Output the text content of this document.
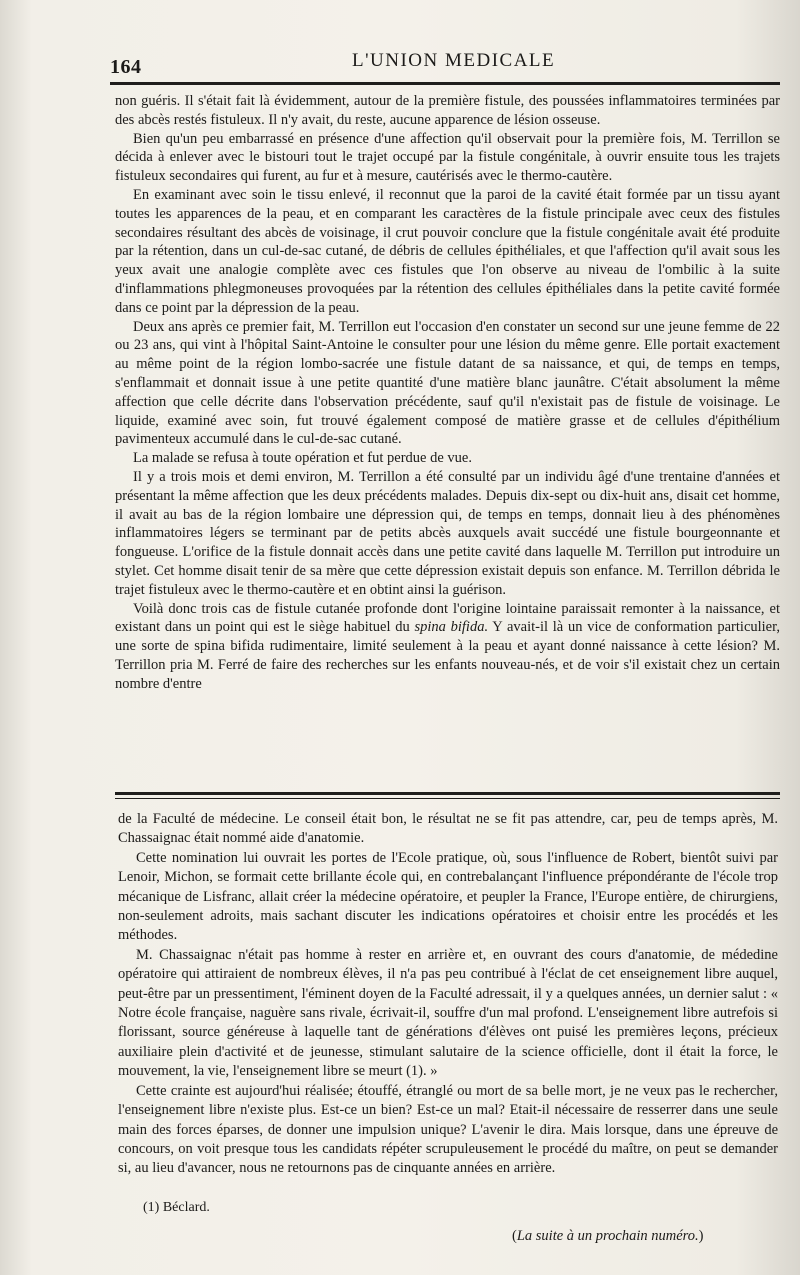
164	L'UNION MEDICALE

non guéris. Il s'était fait là évidemment, autour de la première fistule, des poussées inflammatoires terminées par des abcès restés fistuleux. Il n'y avait, du reste, aucune apparence de lésion osseuse.

Bien qu'un peu embarrassé en présence d'une affection qu'il observait pour la première fois, M. Terrillon se décida à enlever avec le bistouri tout le trajet occupé par la fistule congénitale, à ouvrir ensuite tous les trajets fistuleux secondaires qui furent, au fur et à mesure, cautérisés avec le thermo-cautère.

En examinant avec soin le tissu enlevé, il reconnut que la paroi de la cavité était formée par un tissu ayant toutes les apparences de la peau, et en comparant les caractères de la fistule principale avec ceux des fistules secondaires résultant des abcès de voisinage, il crut pouvoir conclure que la fistule congénitale avait été produite par la rétention, dans un cul-de-sac cutané, de débris de cellules épithéliales, et que l'affection qu'il avait sous les yeux avait une analogie complète avec ces fistules que l'on observe au niveau de l'ombilic à la suite d'inflammations phlegmoneuses provoquées par la rétention des cellules épithéliales dans la petite cavité formée dans ce point par la dépression de la peau.

Deux ans après ce premier fait, M. Terrillon eut l'occasion d'en constater un second sur une jeune femme de 22 ou 23 ans, qui vint à l'hôpital Saint-Antoine le consulter pour une lésion du même genre. Elle portait exactement au même point de la région lombo-sacrée une fistule datant de sa naissance, et qui, de temps en temps, s'enflammait et donnait issue à une petite quantité d'une matière blanc jaunâtre. C'était absolument la même affection que celle décrite dans l'observation précédente, sauf qu'il n'existait pas de fistule de voisinage. Le liquide, examiné avec soin, fut trouvé également composé de matière grasse et de cellules d'épithélium pavimenteux accumulé dans le cul-de-sac cutané.

La malade se refusa à toute opération et fut perdue de vue.

Il y a trois mois et demi environ, M. Terrillon a été consulté par un individu âgé d'une trentaine d'années et présentant la même affection que les deux précédents malades. Depuis dix-sept ou dix-huit ans, disait cet homme, il avait au bas de la région lombaire une dépression qui, de temps en temps, donnait lieu à des phénomènes inflammatoires légers se terminant par de petits abcès auxquels avait succédé une fistule bourgeonnante et fongueuse. L'orifice de la fistule donnait accès dans une petite cavité dans laquelle M. Terrillon put introduire un stylet. Cet homme disait tenir de sa mère que cette dépression existait depuis son enfance. M. Terrillon débrida le trajet fistuleux avec le thermo-cautère et en obtint ainsi la guérison.

Voilà donc trois cas de fistule cutanée profonde dont l'origine lointaine paraissait remonter à la naissance, et existant dans un point qui est le siège habituel du spina bifida. Y avait-il là un vice de conformation particulier, une sorte de spina bifida rudimentaire, limité seulement à la peau et ayant donné naissance à cette lésion? M. Terrillon pria M. Ferré de faire des recherches sur les enfants nouveau-nés, et de voir s'il existait chez un certain nombre d'entre

de la Faculté de médecine. Le conseil était bon, le résultat ne se fit pas attendre, car, peu de temps après, M. Chassaignac était nommé aide d'anatomie.

Cette nomination lui ouvrait les portes de l'Ecole pratique, où, sous l'influence de Robert, bientôt suivi par Lenoir, Michon, se formait cette brillante école qui, en contrebalançant l'influence prépondérante de l'école trop mécanique de Lisfranc, allait créer la médecine opératoire, et peupler la France, l'Europe entière, de chirurgiens, non-seulement adroits, mais sachant discuter les indications opératoires et choisir entre les procédés et les méthodes.

M. Chassaignac n'était pas homme à rester en arrière et, en ouvrant des cours d'anatomie, de médedine opératoire qui attiraient de nombreux élèves, il n'a pas peu contribué à l'éclat de cet enseignement libre auquel, peut-être par un pressentiment, l'éminent doyen de la Faculté adressait, il y a quelques années, un dernier salut : « Notre école française, naguère sans rivale, écrivait-il, souffre d'un mal profond. L'enseignement libre autrefois si florissant, source généreuse à laquelle tant de générations d'élèves ont puisé les premières leçons, précieux auxiliaire plein d'activité et de jeunesse, stimulant salutaire de la science officielle, dont il était la force, le mouvement, la vie, l'enseignement libre se meurt (1). »

Cette crainte est aujourd'hui réalisée; étouffé, étranglé ou mort de sa belle mort, je ne veux pas le rechercher, l'enseignement libre n'existe plus. Est-ce un bien? Est-ce un mal? Etait-il nécessaire de resserrer dans une seule main des forces éparses, de donner une impulsion unique? L'avenir le dira. Mais lorsque, dans une épreuve de concours, on voit presque tous les candidats répéter scrupuleusement le procédé du maître, on peut se demander si, au lieu d'avancer, nous ne retournons pas de cinquante années en arrière.

(1) Béclard.
(La suite à un prochain numéro.)
